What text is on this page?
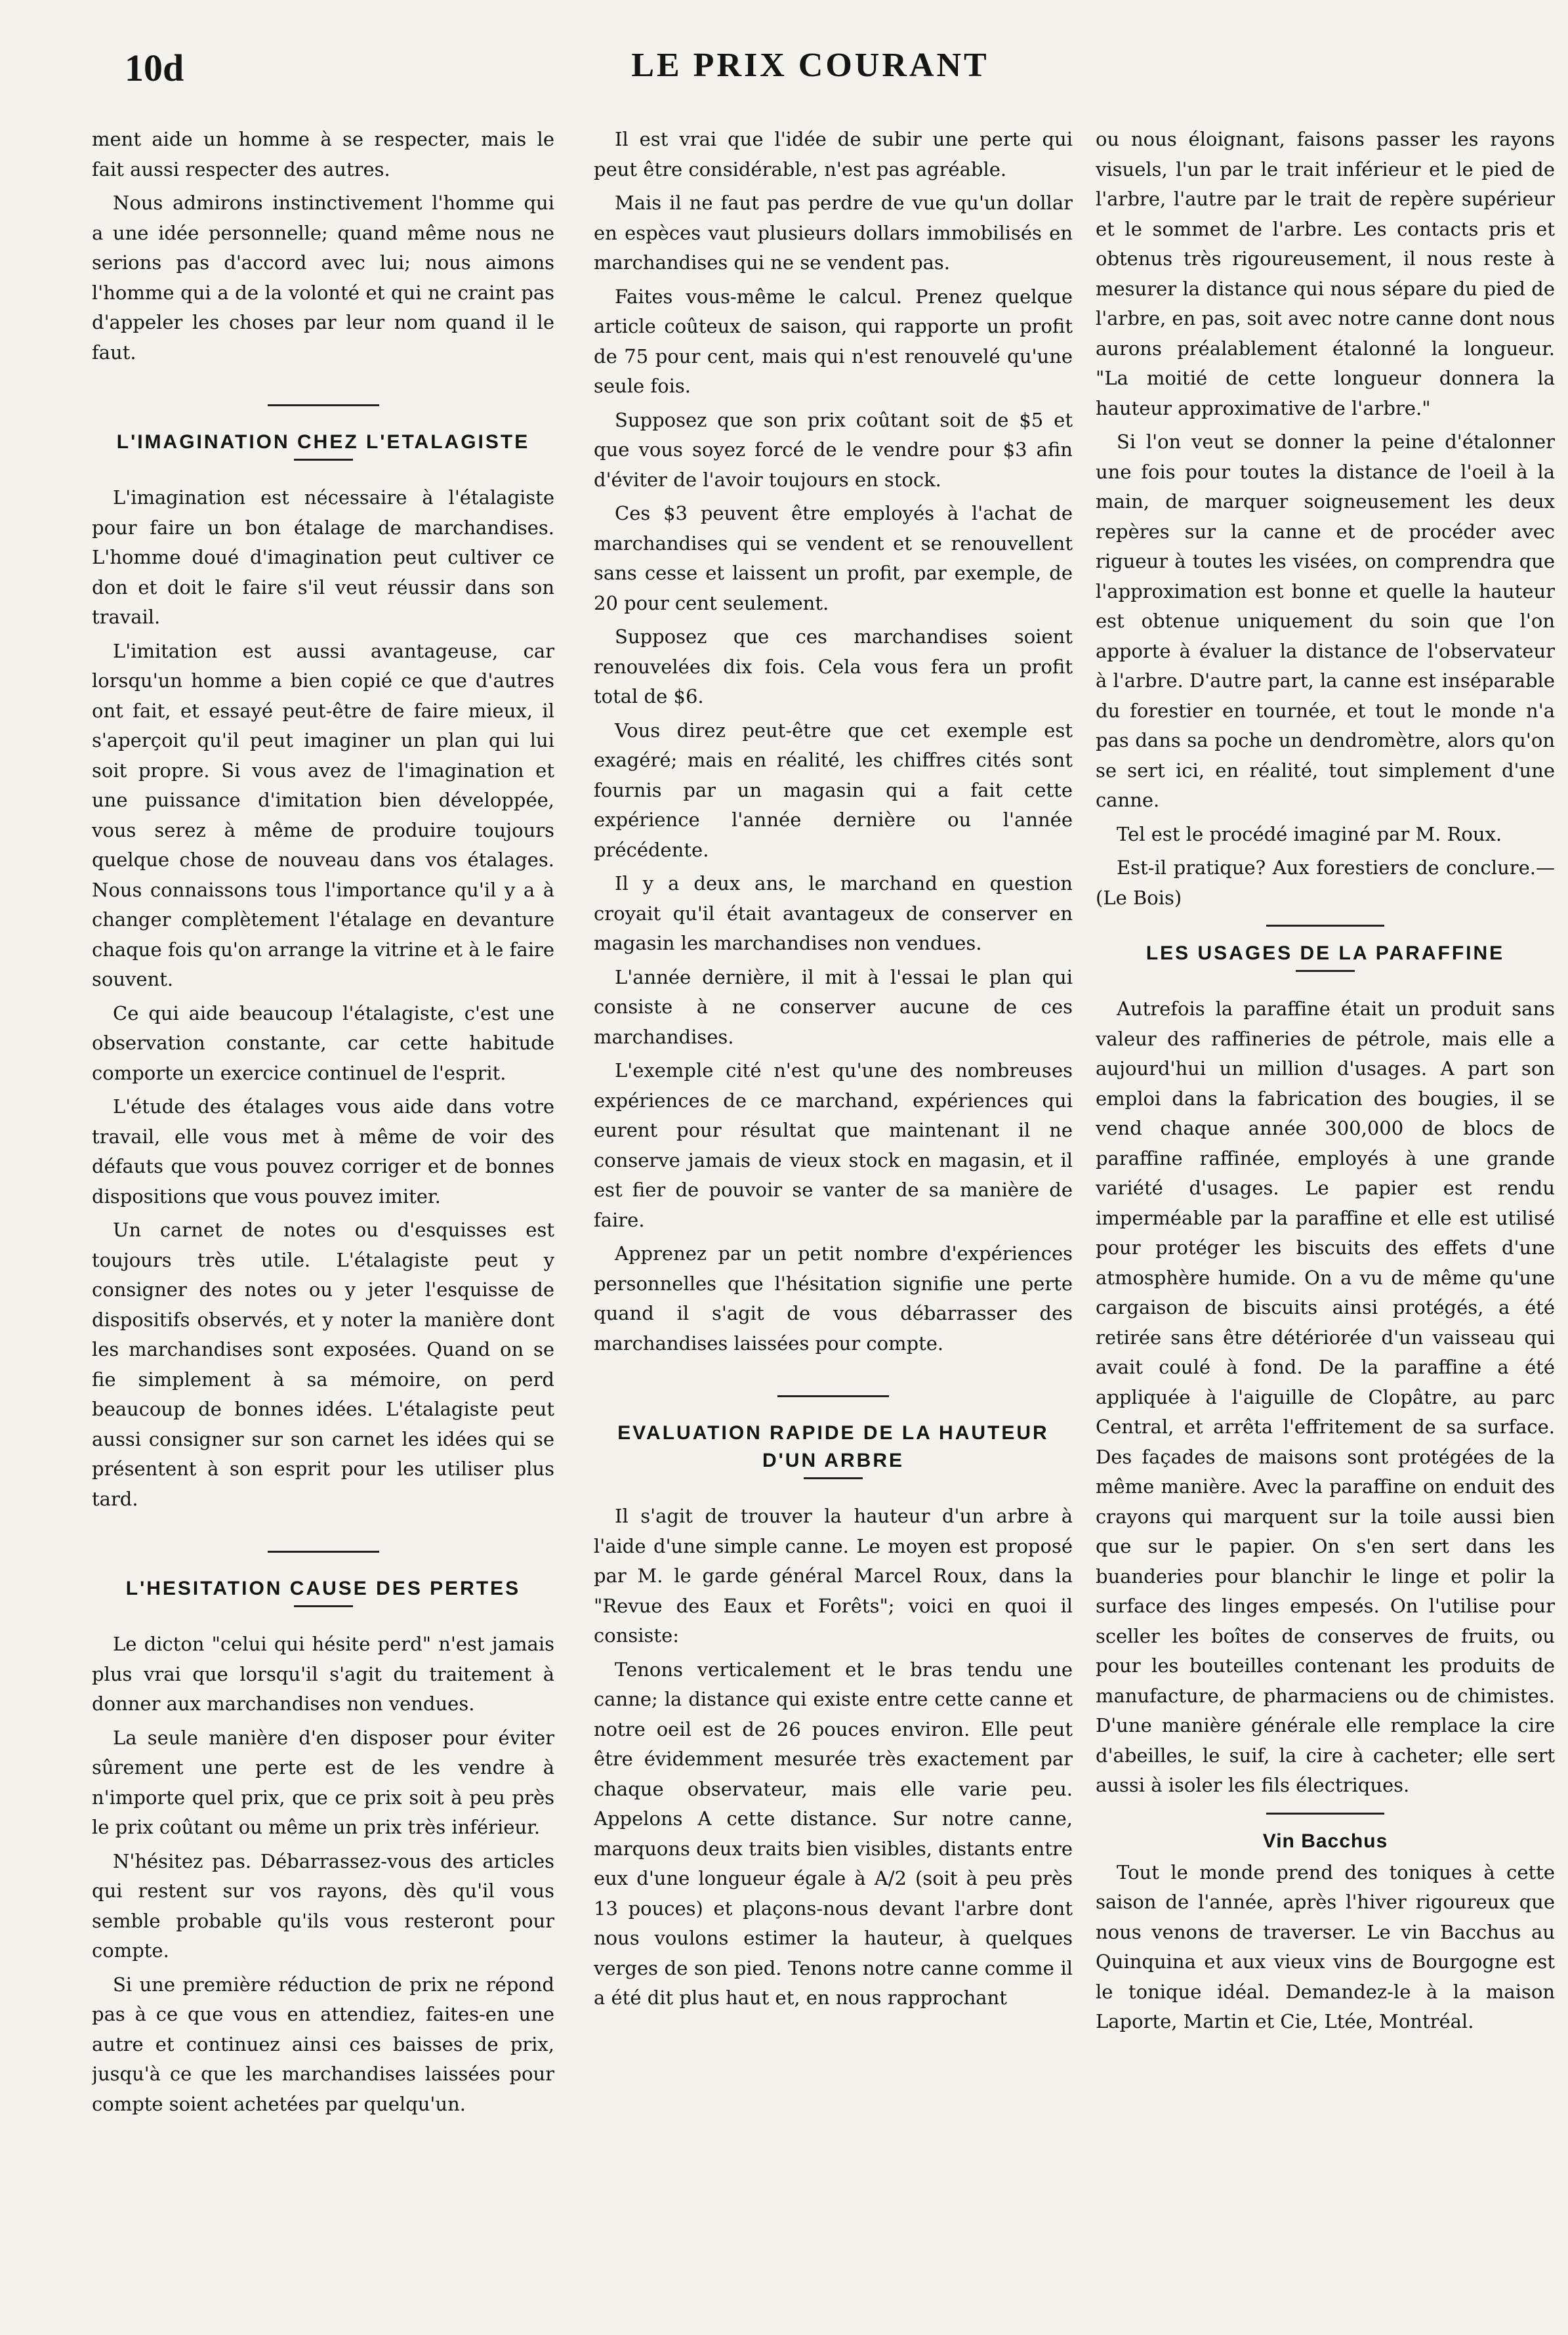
10d	LE PRIX COURANT

ment aide un homme à se respecter, mais le fait aussi respecter des autres.

Nous admirons instinctivement l'homme qui a une idée personnelle; quand même nous ne serions pas d'accord avec lui; nous aimons l'homme qui a de la volonté et qui ne craint pas d'appeler les choses par leur nom quand il le faut.

L'IMAGINATION CHEZ L'ETALAGISTE

L'imagination est nécessaire à l'étalagiste pour faire un bon étalage de marchandises. L'homme doué d'imagination peut cultiver ce don et doit le faire s'il veut réussir dans son travail.

L'imitation est aussi avantageuse, car lorsqu'un homme a bien copié ce que d'autres ont fait, et essayé peut-être de faire mieux, il s'aperçoit qu'il peut imaginer un plan qui lui soit propre. Si vous avez de l'imagination et une puissance d'imitation bien développée, vous serez à même de produire toujours quelque chose de nouveau dans vos étalages. Nous connaissons tous l'importance qu'il y a à changer complètement l'étalage en devanture chaque fois qu'on arrange la vitrine et à le faire souvent.

Ce qui aide beaucoup l'étalagiste, c'est une observation constante, car cette habitude comporte un exercice continuel de l'esprit.

L'étude des étalages vous aide dans votre travail, elle vous met à même de voir des défauts que vous pouvez corriger et de bonnes dispositions que vous pouvez imiter.

Un carnet de notes ou d'esquisses est toujours très utile. L'étalagiste peut y consigner des notes ou y jeter l'esquisse de dispositifs observés, et y noter la manière dont les marchandises sont exposées. Quand on se fie simplement à sa mémoire, on perd beaucoup de bonnes idées. L'étalagiste peut aussi consigner sur son carnet les idées qui se présentent à son esprit pour les utiliser plus tard.

L'HESITATION CAUSE DES PERTES

Le dicton "celui qui hésite perd" n'est jamais plus vrai que lorsqu'il s'agit du traitement à donner aux marchandises non vendues.

La seule manière d'en disposer pour éviter sûrement une perte est de les vendre à n'importe quel prix, que ce prix soit à peu près le prix coûtant ou même un prix très inférieur.

N'hésitez pas. Débarrassez-vous des articles qui restent sur vos rayons, dès qu'il vous semble probable qu'ils vous resteront pour compte.

Si une première réduction de prix ne répond pas à ce que vous en attendiez, faites-en une autre et continuez ainsi ces baisses de prix, jusqu'à ce que les marchandises laissées pour compte soient achetées par quelqu'un.

Il est vrai que l'idée de subir une perte qui peut être considérable, n'est pas agréable.

Mais il ne faut pas perdre de vue qu'un dollar en espèces vaut plusieurs dollars immobilisés en marchandises qui ne se vendent pas.

Faites vous-même le calcul. Prenez quelque article coûteux de saison, qui rapporte un profit de 75 pour cent, mais qui n'est renouvelé qu'une seule fois.

Supposez que son prix coûtant soit de $5 et que vous soyez forcé de le vendre pour $3 afin d'éviter de l'avoir toujours en stock.

Ces $3 peuvent être employés à l'achat de marchandises qui se vendent et se renouvellent sans cesse et laissent un profit, par exemple, de 20 pour cent seulement.

Supposez que ces marchandises soient renouvelées dix fois. Cela vous fera un profit total de $6.

Vous direz peut-être que cet exemple est exagéré; mais en réalité, les chiffres cités sont fournis par un magasin qui a fait cette expérience l'année dernière ou l'année précédente.

Il y a deux ans, le marchand en question croyait qu'il était avantageux de conserver en magasin les marchandises non vendues.

L'année dernière, il mit à l'essai le plan qui consiste à ne conserver aucune de ces marchandises.

L'exemple cité n'est qu'une des nombreuses expériences de ce marchand, expériences qui eurent pour résultat que maintenant il ne conserve jamais de vieux stock en magasin, et il est fier de pouvoir se vanter de sa manière de faire.

Apprenez par un petit nombre d'expériences personnelles que l'hésitation signifie une perte quand il s'agit de vous débarrasser des marchandises laissées pour compte.

EVALUATION RAPIDE DE LA HAUTEUR D'UN ARBRE

Il s'agit de trouver la hauteur d'un arbre à l'aide d'une simple canne. Le moyen est proposé par M. le garde général Marcel Roux, dans la "Revue des Eaux et Forêts"; voici en quoi il consiste:

Tenons verticalement et le bras tendu une canne; la distance qui existe entre cette canne et notre oeil est de 26 pouces environ. Elle peut être évidemment mesurée très exactement par chaque observateur, mais elle varie peu. Appelons A cette distance. Sur notre canne, marquons deux traits bien visibles, distants entre eux d'une longueur égale à A/2 (soit à peu près 13 pouces) et plaçons-nous devant l'arbre dont nous voulons estimer la hauteur, à quelques verges de son pied. Tenons notre canne comme il a été dit plus haut et, en nous rapprochant

ou nous éloignant, faisons passer les rayons visuels, l'un par le trait inférieur et le pied de l'arbre, l'autre par le trait de repère supérieur et le sommet de l'arbre. Les contacts pris et obtenus très rigoureusement, il nous reste à mesurer la distance qui nous sépare du pied de l'arbre, en pas, soit avec notre canne dont nous aurons préalablement étalonné la longueur. "La moitié de cette longueur donnera la hauteur approximative de l'arbre."

Si l'on veut se donner la peine d'étalonner une fois pour toutes la distance de l'oeil à la main, de marquer soigneusement les deux repères sur la canne et de procéder avec rigueur à toutes les visées, on comprendra que l'approximation est bonne et quelle la hauteur est obtenue uniquement du soin que l'on apporte à évaluer la distance de l'observateur à l'arbre. D'autre part, la canne est inséparable du forestier en tournée, et tout le monde n'a pas dans sa poche un dendromètre, alors qu'on se sert ici, en réalité, tout simplement d'une canne.

Tel est le procédé imaginé par M. Roux.

Est-il pratique? Aux forestiers de conclure.—(Le Bois)

LES USAGES DE LA PARAFFINE

Autrefois la paraffine était un produit sans valeur des raffineries de pétrole, mais elle a aujourd'hui un million d'usages. A part son emploi dans la fabrication des bougies, il se vend chaque année 300,000 de blocs de paraffine raffinée, employés à une grande variété d'usages. Le papier est rendu imperméable par la paraffine et elle est utilisé pour protéger les biscuits des effets d'une atmosphère humide. On a vu de même qu'une cargaison de biscuits ainsi protégés, a été retirée sans être détériorée d'un vaisseau qui avait coulé à fond. De la paraffine a été appliquée à l'aiguille de Clopâtre, au parc Central, et arrêta l'effritement de sa surface. Des façades de maisons sont protégées de la même manière. Avec la paraffine on enduit des crayons qui marquent sur la toile aussi bien que sur le papier. On s'en sert dans les buanderies pour blanchir le linge et polir la surface des linges empesés. On l'utilise pour sceller les boîtes de conserves de fruits, ou pour les bouteilles contenant les produits de manufacture, de pharmaciens ou de chimistes. D'une manière générale elle remplace la cire d'abeilles, le suif, la cire à cacheter; elle sert aussi à isoler les fils électriques.

Vin Bacchus

Tout le monde prend des toniques à cette saison de l'année, après l'hiver rigoureux que nous venons de traverser. Le vin Bacchus au Quinquina et aux vieux vins de Bourgogne est le tonique idéal. Demandez-le à la maison Laporte, Martin et Cie, Ltée, Montréal.
